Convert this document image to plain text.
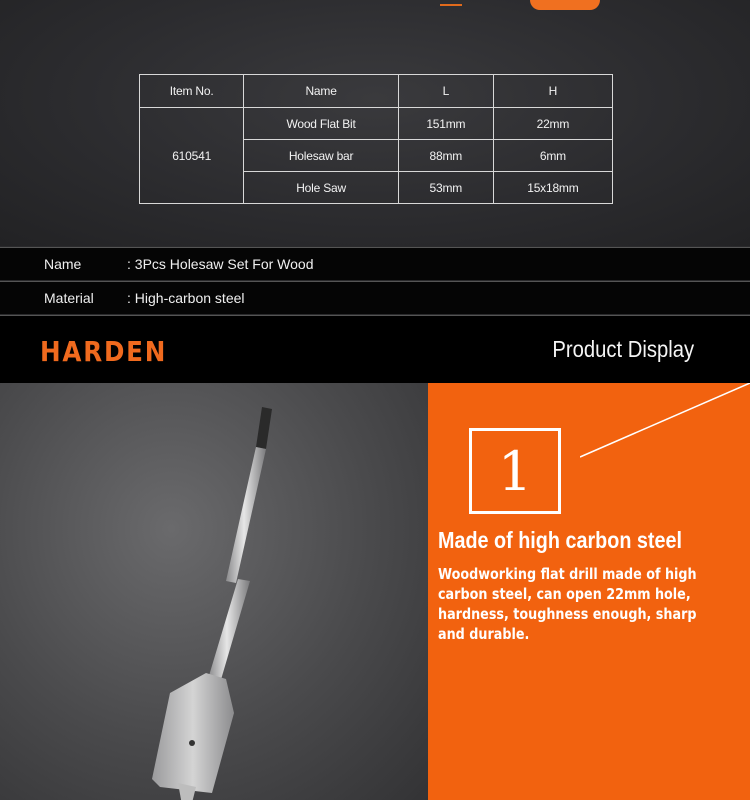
Item No.	Name	L	H
610541	Wood Flat Bit	151mm	22mm
	Holesaw bar	88mm	6mm
	Hole Saw	53mm	15x18mm
Name	: 3Pcs Holesaw Set For Wood
Material : High-carbon steel
HARDEN	Product Display
1
Made of high carbon steel
Woodworking flat drill made of high carbon steel, can open 22mm hole, hardness, toughness enough, sharp and durable.
